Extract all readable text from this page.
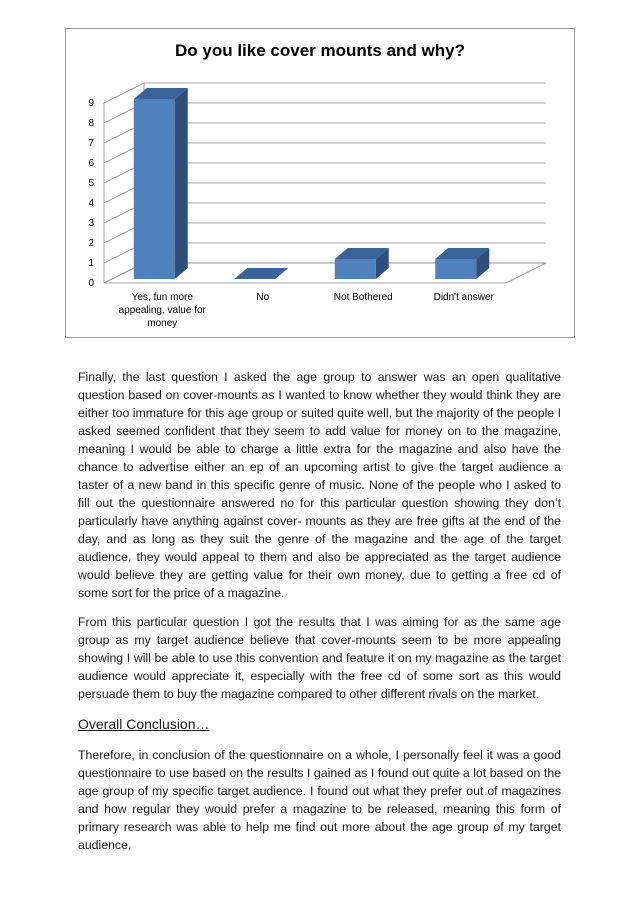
Do you like cover mounts and why?
0
1
2
3
4
5
6
7
8
9
Yes, fun more
appealing, value for
money
No	Not Bothered	Didn't answer

Finally, the last question I asked the age group to answer was an open qualitative question based on cover-mounts as I wanted to know whether they would think they are either too immature for this age group or suited quite well, but the majority of the people I asked seemed confident that they seem to add value for money on to the magazine, meaning I would be able to charge a little extra for the magazine and also have the chance to advertise either an ep of an upcoming artist to give the target audience a taster of a new band in this specific genre of music. None of the people who I asked to fill out the questionnaire answered no for this particular question showing they don’t particularly have anything against cover- mounts as they are free gifts at the end of the day, and as long as they suit the genre of the magazine and the age of the target audience, they would appeal to them and also be appreciated as the target audience would believe they are getting value for their own money, due to getting a free cd of some sort for the price of a magazine.

From this particular question I got the results that I was aiming for as the same age group as my target audience believe that cover-mounts seem to be more appealing showing I will be able to use this convention and feature it on my magazine as the target audience would appreciate it, especially with the free cd of some sort as this would persuade them to buy the magazine compared to other different rivals on the market.

Overall Conclusion…

Therefore, in conclusion of the questionnaire on a whole, I personally feel it was a good questionnaire to use based on the results I gained as I found out quite a lot based on the age group of my specific target audience. I found out what they prefer out of magazines and how regular they would prefer a magazine to be released, meaning this form of primary research was able to help me find out more about the age group of my target audience,
